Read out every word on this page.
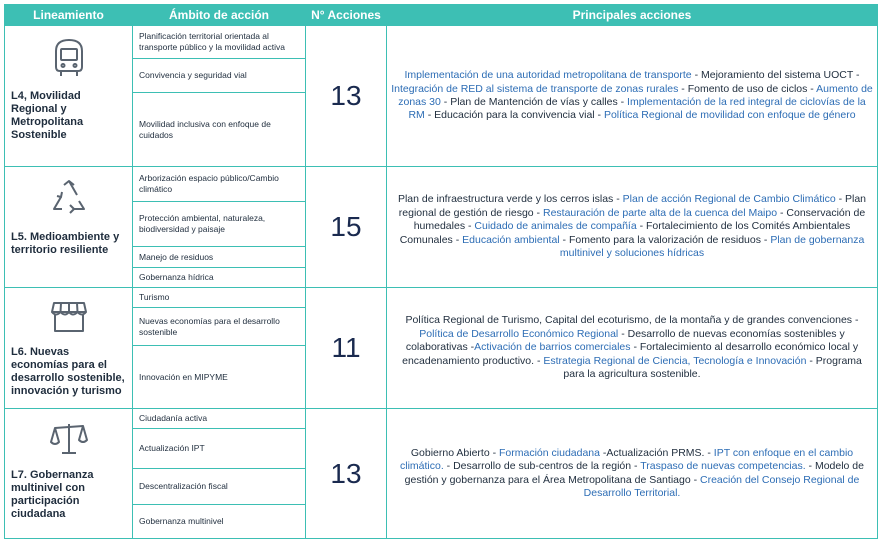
Lineamiento	Ámbito de acción	N° Acciones	Principales acciones

L4, Movilidad Regional y Metropolitana Sostenible	Planificación territorial orientada al transporte público y la movilidad activa	13	Implementación de una autoridad metropolitana de transporte - Mejoramiento del sistema UOCT - Integración de RED al sistema de transporte de zonas rurales - Fomento de uso de ciclos - Aumento de zonas 30 - Plan de Mantención de vías y calles - Implementación de la red integral de ciclovías de la RM - Educación para la convivencia vial - Política Regional de movilidad con enfoque de género
	Convivencia y seguridad vial		
	Movilidad inclusiva con enfoque de cuidados		

L5. Medioambiente y territorio resiliente	Arborización espacio público/Cambio climático	15	Plan de infraestructura verde y los cerros islas - Plan de acción Regional de Cambio Climático - Plan regional de gestión de riesgo - Restauración de parte alta de la cuenca del Maipo - Conservación de humedales - Cuidado de animales de compañía - Fortalecimiento de los Comités Ambientales Comunales - Educación ambiental - Fomento para la valorización de residuos - Plan de gobernanza multinivel y soluciones hídricas
	Protección ambiental, naturaleza, biodiversidad y paisaje		
	Manejo de residuos		
	Gobernanza hídrica		

L6. Nuevas economías para el desarrollo sostenible, innovación y turismo	Turismo	11	Política Regional de Turismo, Capital del ecoturismo, de la montaña y de grandes convenciones - Política de Desarrollo Económico Regional - Desarrollo de nuevas economías sostenibles y colaborativas -Activación de barrios comerciales - Fortalecimiento al desarrollo económico local y encadenamiento productivo. - Estrategia Regional de Ciencia, Tecnología e Innovación - Programa para la agricultura sostenible.
	Nuevas economías para el desarrollo sostenible		
	Innovación en MIPYME		

L7. Gobernanza multinivel con participación ciudadana	Ciudadanía activa	13	Gobierno Abierto - Formación ciudadana -Actualización PRMS. - IPT con enfoque en el cambio climático. - Desarrollo de sub-centros de la región - Traspaso de nuevas competencias. - Modelo de gestión y gobernanza para el Área Metropolitana de Santiago - Creación del Consejo Regional de Desarrollo Territorial.
	Actualización IPT		
	Descentralización fiscal		
	Gobernanza multinivel		
